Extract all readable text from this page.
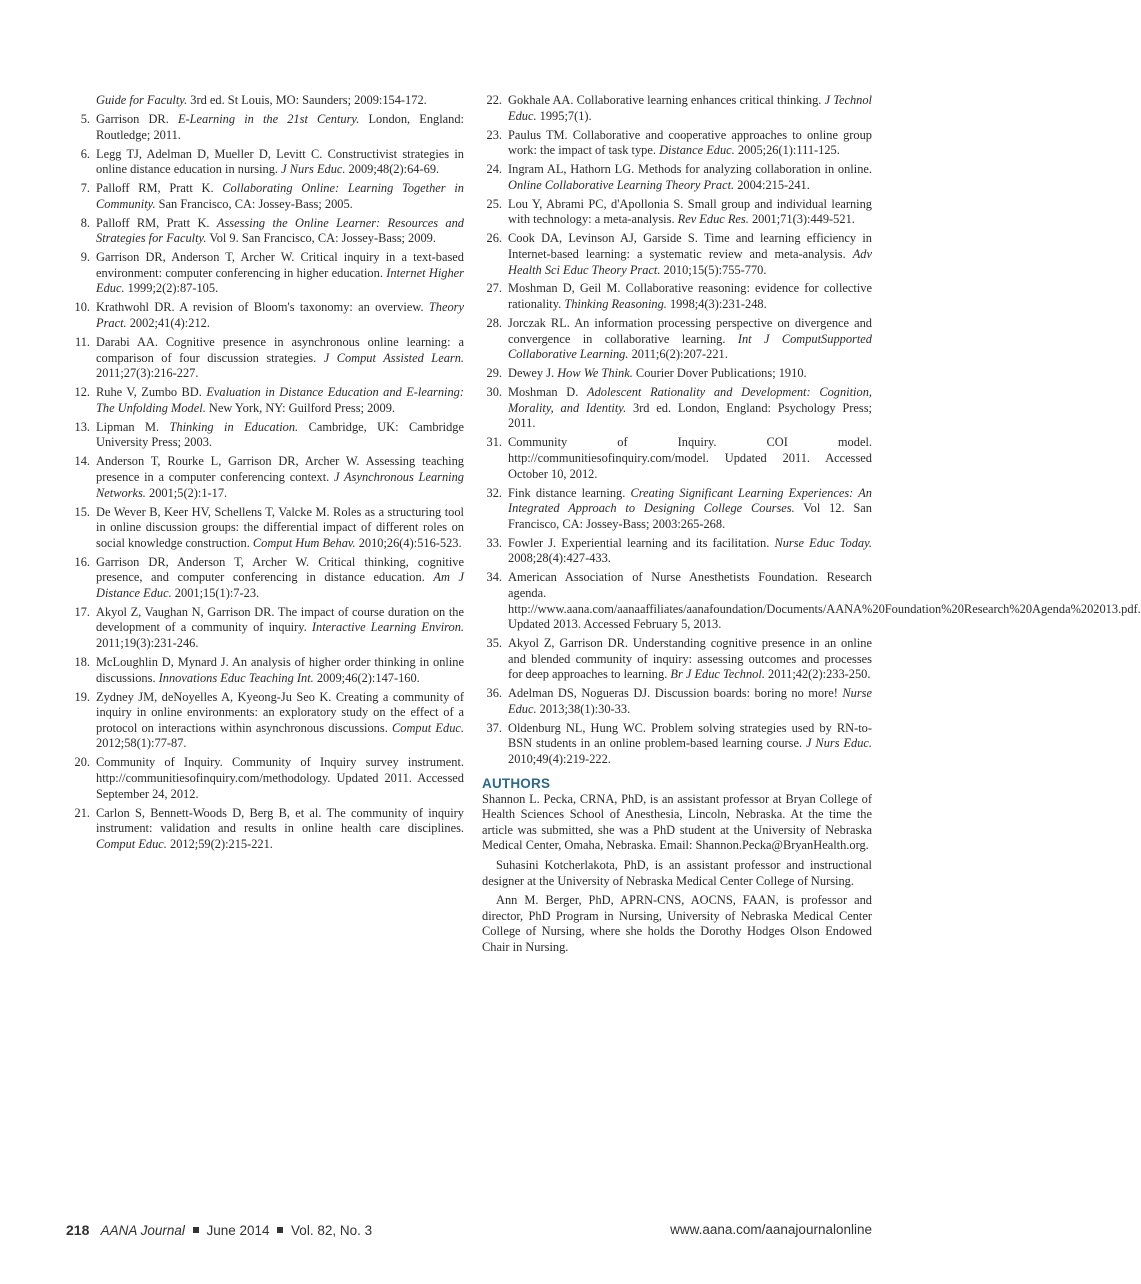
Guide for Faculty. 3rd ed. St Louis, MO: Saunders; 2009:154-172.
5. Garrison DR. E-Learning in the 21st Century. London, England: Routledge; 2011.
6. Legg TJ, Adelman D, Mueller D, Levitt C. Constructivist strategies in online distance education in nursing. J Nurs Educ. 2009;48(2):64-69.
7. Palloff RM, Pratt K. Collaborating Online: Learning Together in Community. San Francisco, CA: Jossey-Bass; 2005.
8. Palloff RM, Pratt K. Assessing the Online Learner: Resources and Strategies for Faculty. Vol 9. San Francisco, CA: Jossey-Bass; 2009.
9. Garrison DR, Anderson T, Archer W. Critical inquiry in a text-based environment: computer conferencing in higher education. Internet Higher Educ. 1999;2(2):87-105.
10. Krathwohl DR. A revision of Bloom's taxonomy: an overview. Theory Pract. 2002;41(4):212.
11. Darabi AA. Cognitive presence in asynchronous online learning: a comparison of four discussion strategies. J Comput Assisted Learn. 2011;27(3):216-227.
12. Ruhe V, Zumbo BD. Evaluation in Distance Education and E-learning: The Unfolding Model. New York, NY: Guilford Press; 2009.
13. Lipman M. Thinking in Education. Cambridge, UK: Cambridge University Press; 2003.
14. Anderson T, Rourke L, Garrison DR, Archer W. Assessing teaching presence in a computer conferencing context. J Asynchronous Learning Networks. 2001;5(2):1-17.
15. De Wever B, Keer HV, Schellens T, Valcke M. Roles as a structuring tool in online discussion groups: the differential impact of different roles on social knowledge construction. Comput Hum Behav. 2010;26(4):516-523.
16. Garrison DR, Anderson T, Archer W. Critical thinking, cognitive presence, and computer conferencing in distance education. Am J Distance Educ. 2001;15(1):7-23.
17. Akyol Z, Vaughan N, Garrison DR. The impact of course duration on the development of a community of inquiry. Interactive Learning Environ. 2011;19(3):231-246.
18. McLoughlin D, Mynard J. An analysis of higher order thinking in online discussions. Innovations Educ Teaching Int. 2009;46(2):147-160.
19. Zydney JM, deNoyelles A, Kyeong-Ju Seo K. Creating a community of inquiry in online environments: an exploratory study on the effect of a protocol on interactions within asynchronous discussions. Comput Educ. 2012;58(1):77-87.
20. Community of Inquiry. Community of Inquiry survey instrument. http://communitiesofinquiry.com/methodology. Updated 2011. Accessed September 24, 2012.
21. Carlon S, Bennett-Woods D, Berg B, et al. The community of inquiry instrument: validation and results in online health care disciplines. Comput Educ. 2012;59(2):215-221.
22. Gokhale AA. Collaborative learning enhances critical thinking. J Technol Educ. 1995;7(1).
23. Paulus TM. Collaborative and cooperative approaches to online group work: the impact of task type. Distance Educ. 2005;26(1):111-125.
24. Ingram AL, Hathorn LG. Methods for analyzing collaboration in online. Online Collaborative Learning Theory Pract. 2004:215-241.
25. Lou Y, Abrami PC, d'Apollonia S. Small group and individual learning with technology: a meta-analysis. Rev Educ Res. 2001;71(3):449-521.
26. Cook DA, Levinson AJ, Garside S. Time and learning efficiency in Internet-based learning: a systematic review and meta-analysis. Adv Health Sci Educ Theory Pract. 2010;15(5):755-770.
27. Moshman D, Geil M. Collaborative reasoning: evidence for collective rationality. Thinking Reasoning. 1998;4(3):231-248.
28. Jorczak RL. An information processing perspective on divergence and convergence in collaborative learning. Int J ComputSupported Collaborative Learning. 2011;6(2):207-221.
29. Dewey J. How We Think. Courier Dover Publications; 1910.
30. Moshman D. Adolescent Rationality and Development: Cognition, Morality, and Identity. 3rd ed. London, England: Psychology Press; 2011.
31. Community of Inquiry. COI model. http://communitiesofinquiry.com/model. Updated 2011. Accessed October 10, 2012.
32. Fink distance learning. Creating Significant Learning Experiences: An Integrated Approach to Designing College Courses. Vol 12. San Francisco, CA: Jossey-Bass; 2003:265-268.
33. Fowler J. Experiential learning and its facilitation. Nurse Educ Today. 2008;28(4):427-433.
34. American Association of Nurse Anesthetists Foundation. Research agenda. http://www.aana.com/aanaaffiliates/aanafoundation/Documents/AANA%20Foundation%20Research%20Agenda%202013.pdf. Updated 2013. Accessed February 5, 2013.
35. Akyol Z, Garrison DR. Understanding cognitive presence in an online and blended community of inquiry: assessing outcomes and processes for deep approaches to learning. Br J Educ Technol. 2011;42(2):233-250.
36. Adelman DS, Nogueras DJ. Discussion boards: boring no more! Nurse Educ. 2013;38(1):30-33.
37. Oldenburg NL, Hung WC. Problem solving strategies used by RN-to-BSN students in an online problem-based learning course. J Nurs Educ. 2010;49(4):219-222.
AUTHORS

Shannon L. Pecka, CRNA, PhD, is an assistant professor at Bryan College of Health Sciences School of Anesthesia, Lincoln, Nebraska. At the time the article was submitted, she was a PhD student at the University of Nebraska Medical Center, Omaha, Nebraska. Email: Shannon.Pecka@BryanHealth.org.

Suhasini Kotcherlakota, PhD, is an assistant professor and instructional designer at the University of Nebraska Medical Center College of Nursing.

Ann M. Berger, PhD, APRN-CNS, AOCNS, FAAN, is professor and director, PhD Program in Nursing, University of Nebraska Medical Center College of Nursing, where she holds the Dorothy Hodges Olson Endowed Chair in Nursing.

218 AANA Journal June 2014 Vol. 82, No. 3	www.aana.com/aanajournalonline
